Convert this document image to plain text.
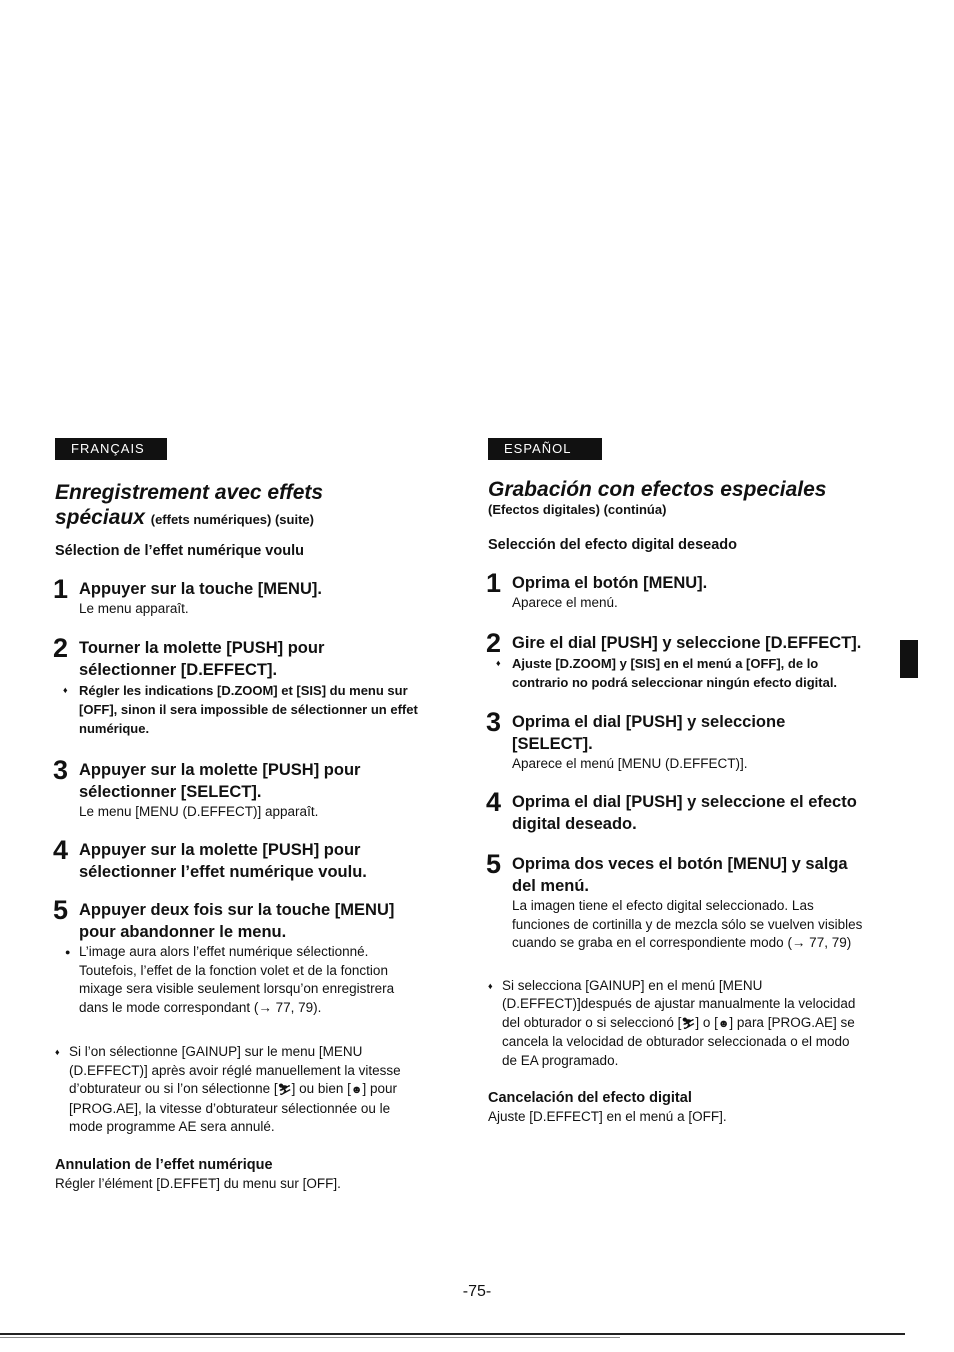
FRANÇAIS
Enregistrement avec effets
spéciaux (effets numériques) (suite)
Sélection de l’effet numérique voulu
1 Appuyer sur la touche [MENU].
Le menu apparaît.
2 Tourner la molette [PUSH] pour sélectionner [D.EFFECT].
♦ Régler les indications [D.ZOOM] et [SIS] du menu sur [OFF], sinon il sera impossible de sélectionner un effet numérique.
3 Appuyer sur la molette [PUSH] pour sélectionner [SELECT].
Le menu [MENU (D.EFFECT)] apparaît.
4 Appuyer sur la molette [PUSH] pour sélectionner l’effet numérique voulu.
5 Appuyer deux fois sur la touche [MENU] pour abandonner le menu.
● L’image aura alors l’effet numérique sélectionné. Toutefois, l’effet de la fonction volet et de la fonction mixage sera visible seulement lorsqu’on enregistrera dans le mode correspondant (→ 77, 79).
♦ Si l’on sélectionne [GAINUP] sur le menu [MENU (D.EFFECT)] après avoir réglé manuellement la vitesse d’obturateur ou si l’on sélectionne [⛷] ou bien [☻] pour [PROG.AE], la vitesse d’obturateur sélectionnée ou le mode programme AE sera annulé.
Annulation de l’effet numérique
Régler l’élément [D.EFFET] du menu sur [OFF].
ESPAÑOL
Grabación con efectos especiales
(Efectos digitales) (continúa)
Selección del efecto digital deseado
1 Oprima el botón [MENU].
Aparece el menú.
2 Gire el dial [PUSH] y seleccione [D.EFFECT].
♦ Ajuste [D.ZOOM] y [SIS] en el menú a [OFF], de lo contrario no podrá seleccionar ningún efecto digital.
3 Oprima el dial [PUSH] y seleccione [SELECT].
Aparece el menú [MENU (D.EFFECT)].
4 Oprima el dial [PUSH] y seleccione el efecto digital deseado.
5 Oprima dos veces el botón [MENU] y salga del menú.
La imagen tiene el efecto digital seleccionado. Las funciones de cortinilla y de mezcla sólo se vuelven visibles cuando se graba en el correspondiente modo (→ 77, 79)
♦ Si selecciona [GAINUP] en el menú [MENU (D.EFFECT)]después de ajustar manualmente la velocidad del obturador o si seleccionó [⛷] o [☻] para [PROG.AE] se cancela la velocidad de obturador seleccionada o el modo de EA programado.
Cancelación del efecto digital
Ajuste [D.EFFECT] en el menú a [OFF].
-75-
